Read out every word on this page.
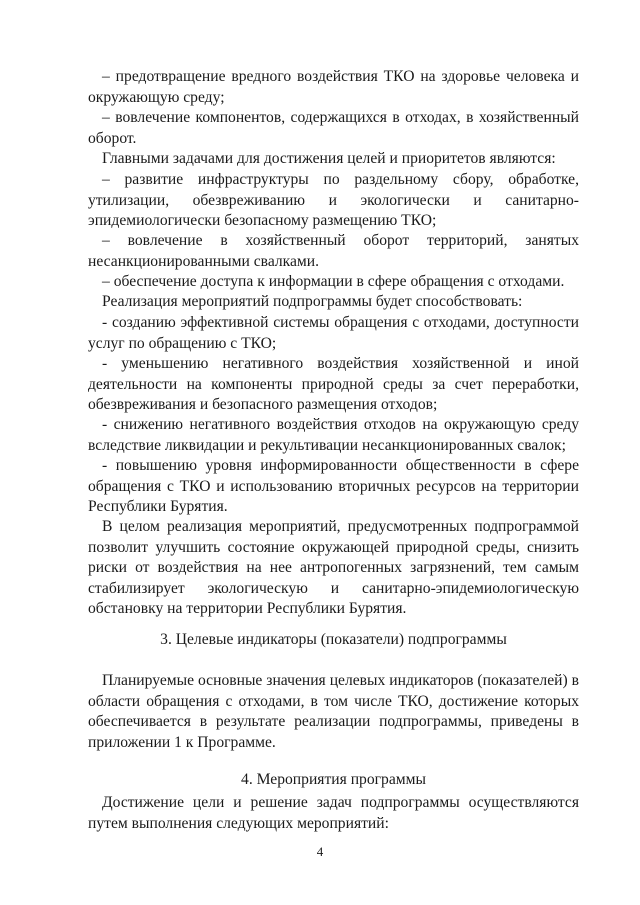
– предотвращение вредного воздействия ТКО на здоровье человека и окружающую среду;

– вовлечение компонентов, содержащихся в отходах, в хозяйственный оборот.

Главными задачами для достижения целей и приоритетов являются:

– развитие инфраструктуры по раздельному сбору, обработке, утилизации, обезвреживанию и экологически и санитарно-эпидемиологически безопасному размещению ТКО;

– вовлечение в хозяйственный оборот территорий, занятых несанкционированными свалками.

– обеспечение доступа к информации в сфере обращения с отходами.

Реализация мероприятий подпрограммы будет способствовать:

- созданию эффективной системы обращения с отходами, доступности услуг по обращению с ТКО;

- уменьшению негативного воздействия хозяйственной и иной деятельности на компоненты природной среды за счет переработки, обезвреживания и безопасного размещения отходов;

- снижению негативного воздействия отходов на окружающую среду вследствие ликвидации и рекультивации несанкционированных свалок;

- повышению уровня информированности общественности в сфере обращения с ТКО и использованию вторичных ресурсов на территории Республики Бурятия.

В целом реализация мероприятий, предусмотренных подпрограммой позволит улучшить состояние окружающей природной среды, снизить риски от воздействия на нее антропогенных загрязнений, тем самым стабилизирует экологическую и санитарно-эпидемиологическую обстановку на территории Республики Бурятия.

3. Целевые индикаторы (показатели) подпрограммы

Планируемые основные значения целевых индикаторов (показателей) в области обращения с отходами, в том числе ТКО, достижение которых обеспечивается в результате реализации подпрограммы, приведены в приложении 1 к Программе.

4. Мероприятия программы

Достижение цели и решение задач подпрограммы осуществляются путем выполнения следующих мероприятий:

4
